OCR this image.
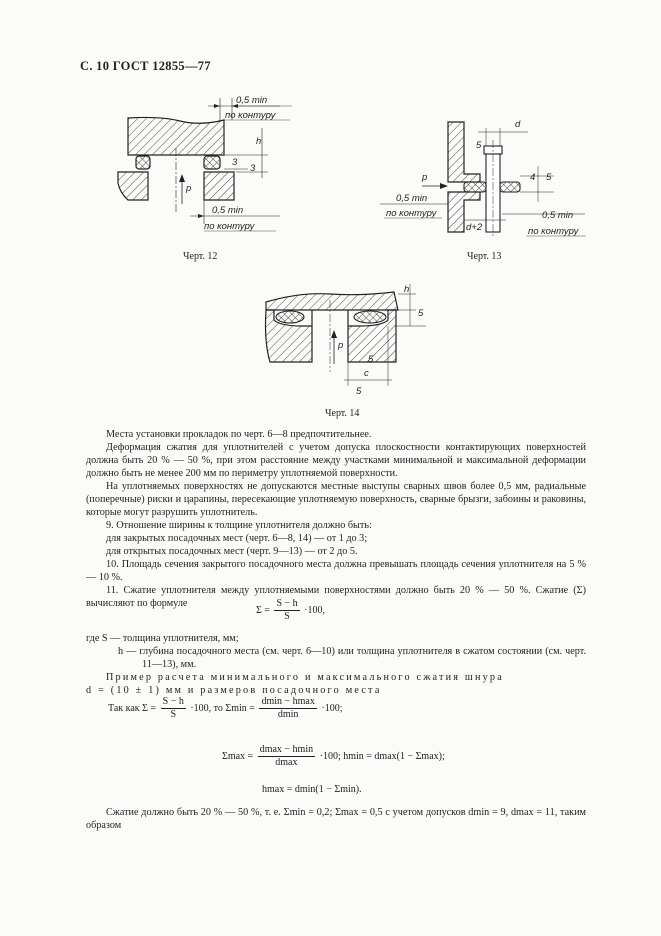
С. 10 ГОСТ 12855—77
p
0,5 min
по контуру
h
3
3
0,5 min
по контуру
Черт. 12
p
d
5
4 5
0,5 min
по контуру	0,5 min
по контуру
d+2
Черт. 13
p
h
5
c
5
5
Черт. 14

Места установки прокладок по черт. 6—8 предпочтительнее.

Деформация сжатия для уплотнителей с учетом допуска плоскостности контактирующих поверхностей должна быть 20 % — 50 %, при этом расстояние между участками минимальной и максимальной деформации должно быть не менее 200 мм по периметру уплотняемой поверхности.

На уплотняемых поверхностях не допускаются местные выступы сварных швов более 0,5 мм, радиальные (поперечные) риски и царапины, пересекающие уплотняемую поверхность, сварные брызги, забоины и раковины, которые могут разрушить уплотнитель.

9. Отношение ширины к толщине уплотнителя должно быть:

для закрытых посадочных мест (черт. 6—8, 14) — от 1 до 3;

для открытых посадочных мест (черт. 9—13) — от 2 до 5.

10. Площадь сечения закрытого посадочного места должна превышать площадь сечения уплотнителя на 5 % — 10 %.

11. Сжатие уплотнителя между уплотняемыми поверхностями должно быть 20 % — 50 %. Сжатие (Σ) вычисляют по формуле

$\Sigma = \frac{S - h}{S} \cdot 100$,

где S — толщина уплотнителя, мм;

h — глубина посадочного места (см. черт. 6—10) или толщина уплотнителя в сжатом состоянии (см. черт. 11—13), мм.

Пример расчета минимального и максимального сжатия шнура

d = (10 ± 1) мм и размеров посадочного места

Так как $\Sigma = \frac{S - h}{S} \cdot 100$, то Σmin =
dmin − hmax
dmin
·100;
Σmax =
dmax − hmin
dmax
·100; hmin = dmax(1 − Σmax);
hmax = dmin(1 − Σmin).

Сжатие должно быть 20 % — 50 %, т. е. Σmin = 0,2; Σmax = 0,5 с учетом допусков dmin = 9, dmax = 11, таким образом
